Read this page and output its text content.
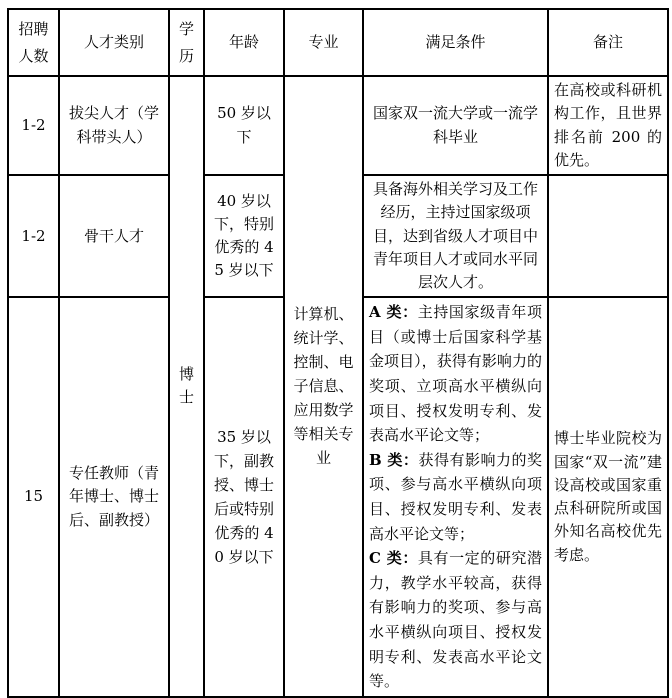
招聘人数	人才类别	学历	年龄	专业	满足条件	备注
1-2	拔尖人才（学科带头人）	博士	50 岁以下	计算机、统计学、控制、电子信息、应用数学等相关专业	国家双一流大学或一流学科毕业	在高校或科研机构工作，且世界排名前 200 的优先。
1-2	骨干人才		40 岁以下，特别优秀的 45 岁以下		具备海外相关学习及工作经历，主持过国家级项目，达到省级人才项目中青年项目人才或同水平同层次人才。	
15	专任教师（青年博士、博士后、副教授）		35 岁以下，副教授、博士后或特别优秀的 40 岁以下		A 类：主持国家级青年项目（或博士后国家科学基金项目），获得有影响力的奖项、立项高水平横纵向项目、授权发明专利、发表高水平论文等；

B 类：获得有影响力的奖项、参与高水平横纵向项目、授权发明专利、发表高水平论文等；

C 类：具有一定的研究潜力，教学水平较高，获得有影响力的奖项、参与高水平横纵向项目、授权发明专利、发表高水平论文等。	博士毕业院校为国家“双一流”建设高校或国家重点科研院所或国外知名高校优先考虑。
